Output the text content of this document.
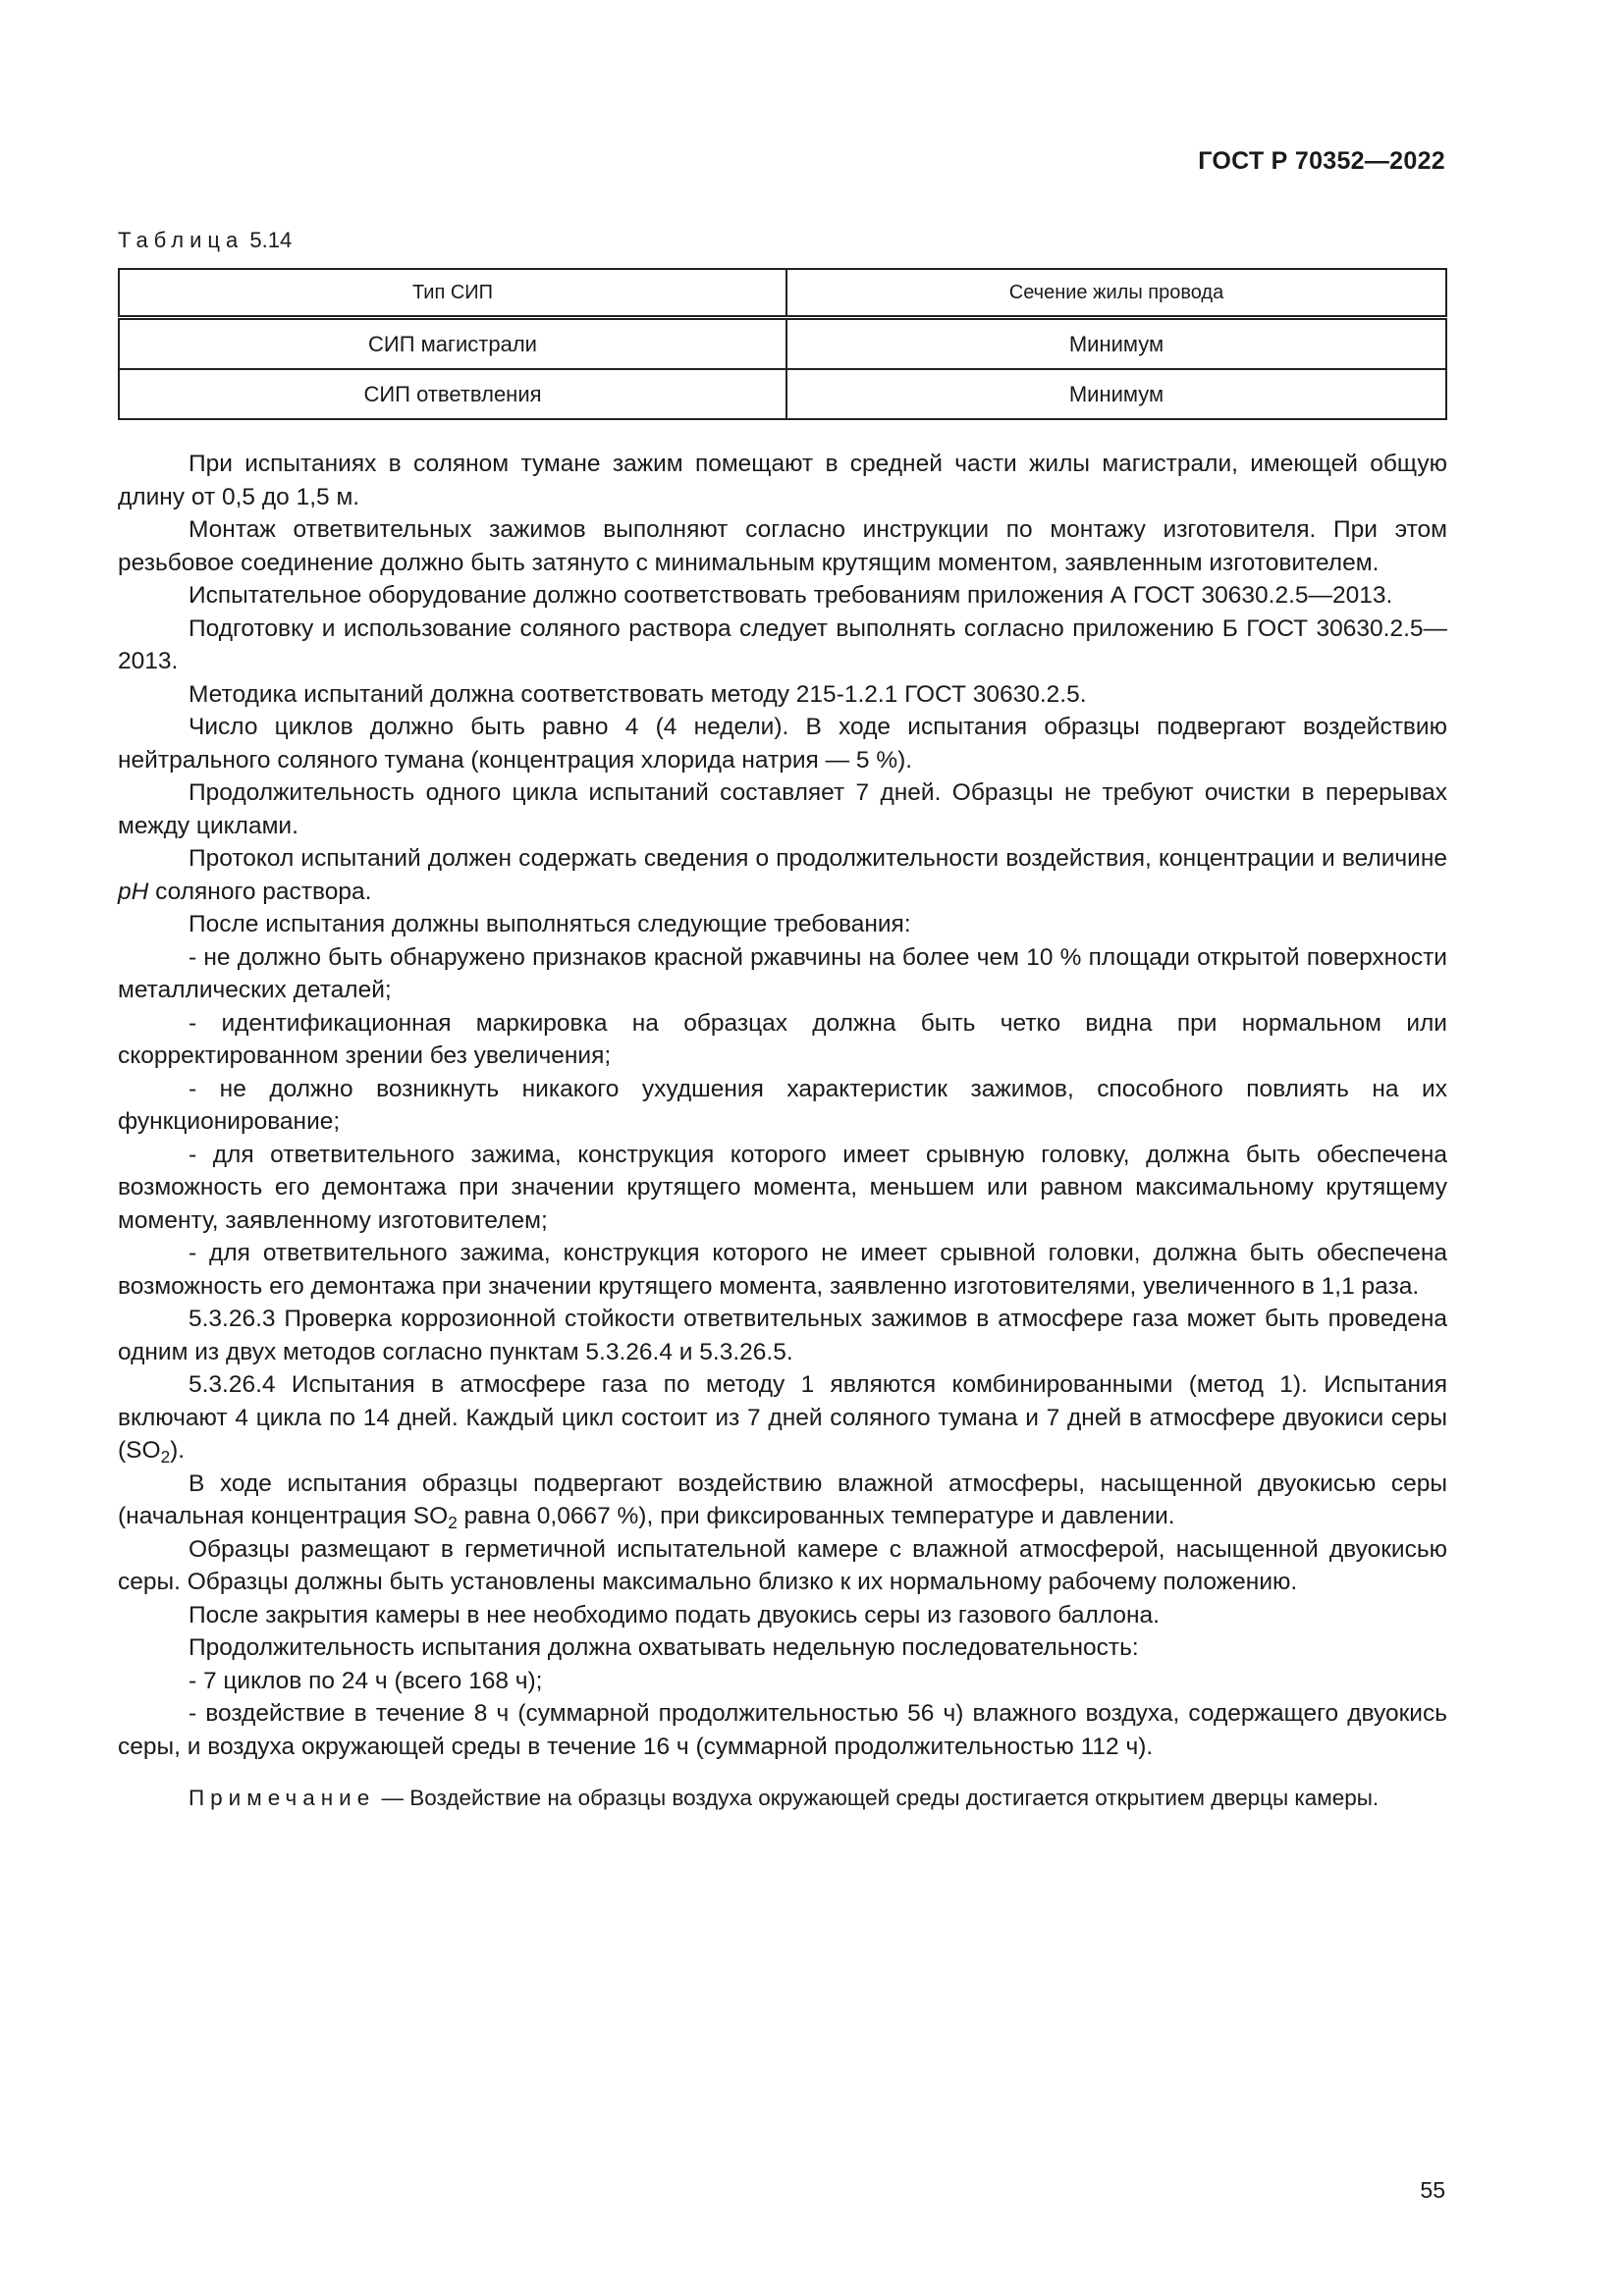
ГОСТ Р 70352—2022
Таблица 5.14
Тип СИП	Сечение жилы провода
СИП магистрали	Минимум
СИП ответвления	Минимум

При испытаниях в соляном тумане зажим помещают в средней части жилы магистрали, имеющей общую длину от 0,5 до 1,5 м.

Монтаж ответвительных зажимов выполняют согласно инструкции по монтажу изготовителя. При этом резьбовое соединение должно быть затянуто с минимальным крутящим моментом, заявленным изготовителем.

Испытательное оборудование должно соответствовать требованиям приложения А ГОСТ 30630.2.5—2013.

Подготовку и использование соляного раствора следует выполнять согласно приложению Б ГОСТ 30630.2.5—2013.

Методика испытаний должна соответствовать методу 215-1.2.1 ГОСТ 30630.2.5.

Число циклов должно быть равно 4 (4 недели). В ходе испытания образцы подвергают воздействию нейтрального соляного тумана (концентрация хлорида натрия — 5 %).

Продолжительность одного цикла испытаний составляет 7 дней. Образцы не требуют очистки в перерывах между циклами.

Протокол испытаний должен содержать сведения о продолжительности воздействия, концентрации и величине pH соляного раствора.

После испытания должны выполняться следующие требования:

- не должно быть обнаружено признаков красной ржавчины на более чем 10 % площади открытой поверхности металлических деталей;

- идентификационная маркировка на образцах должна быть четко видна при нормальном или скорректированном зрении без увеличения;

- не должно возникнуть никакого ухудшения характеристик зажимов, способного повлиять на их функционирование;

- для ответвительного зажима, конструкция которого имеет срывную головку, должна быть обеспечена возможность его демонтажа при значении крутящего момента, меньшем или равном максимальному крутящему моменту, заявленному изготовителем;

- для ответвительного зажима, конструкция которого не имеет срывной головки, должна быть обеспечена возможность его демонтажа при значении крутящего момента, заявленно изготовителями, увеличенного в 1,1 раза.

5.3.26.3 Проверка коррозионной стойкости ответвительных зажимов в атмосфере газа может быть проведена одним из двух методов согласно пунктам 5.3.26.4 и 5.3.26.5.

5.3.26.4 Испытания в атмосфере газа по методу 1 являются комбинированными (метод 1). Испытания включают 4 цикла по 14 дней. Каждый цикл состоит из 7 дней соляного тумана и 7 дней в атмосфере двуокиси серы $(SO_2)$.

В ходе испытания образцы подвергают воздействию влажной атмосферы, насыщенной двуокисью серы (начальная концентрация $SO_2$ равна 0,0667 %), при фиксированных температуре и давлении.

Образцы размещают в герметичной испытательной камере с влажной атмосферой, насыщенной двуокисью серы. Образцы должны быть установлены максимально близко к их нормальному рабочему положению.

После закрытия камеры в нее необходимо подать двуокись серы из газового баллона.

Продолжительность испытания должна охватывать недельную последовательность:

- 7 циклов по 24 ч (всего 168 ч);

- воздействие в течение 8 ч (суммарной продолжительностью 56 ч) влажного воздуха, содержащего двуокись серы, и воздуха окружающей среды в течение 16 ч (суммарной продолжительностью 112 ч).

Примечание — Воздействие на образцы воздуха окружающей среды достигается открытием дверцы камеры.

55
